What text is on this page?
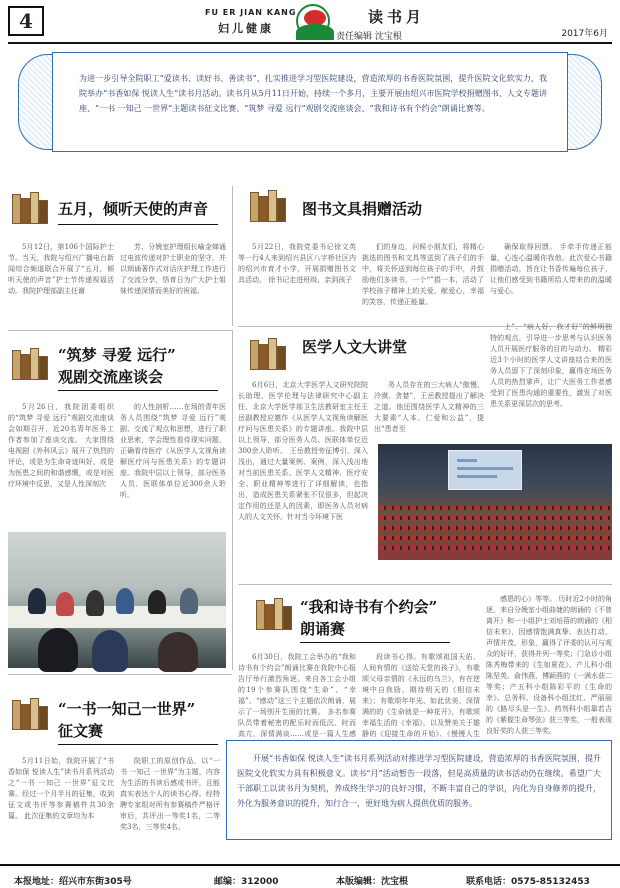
4	FU ER JIAN KANG
妇儿健康
读书月
责任编辑 沈宝根	2017年6月
为进一步引导全院职工“爱读书、读好书、善读书”，扎实推进学习型医院建设，营造浓厚的书香医院氛围，提升医院文化软实力，我院举办“书香如保 悦读人生”读书月活动。读书月从5月11日开始，持续一个多月，主要开展由绍兴市医院学校捐赠图书、人文专题讲座、“一书 一知己 一世界”主题读书征文比赛、“筑梦 寻爱 远行”观剧交流座谈会、“我和诗书有个约会”朗诵比赛等。
五月，倾听天使的声音

5月12日，第106个国际护士节。当天，我院与绍兴广播电台新闻综合频道联合开展了“五月，倾听天使的声音”护士节传递视福活动。我院护理部副主任谢

芳、分娩室护理组长喻金娣通过电波传递对护士职业的坚守，并以朗诵著作式对话庆护理工作进行了交流分享，悟育日为广大护士姐妹传递深情而美好的祝福。

图书文具捐赠活动

5月22日，我院党委书记徐文英等一行4人来到绍兴县区八字桥社区内的绍兴市育才小学，开展捐赠图书文具活动。 徐书记走进班级，亲到孩子

们的身边，问候小朋友们，将精心挑选的图书和文具等送到了孩子们的手中，将关怀送到每位孩子的手中，并鼓励他们多读书，一个“”捐一本，活动了学校孩子精神上的关爱，献爱心，幸福的笑容，传递正能量。

确保取得回馈。 手牵手传递正能量，心连心温暖你我他。此次爱心书籍捐赠活动，旨在让书香传遍每位孩子，让他们感受到书籍所给人带来的的温暖与爱心。

“筑梦 寻爱 远行”
观剧交流座谈会

5月26日，我院团委组织的“筑梦 寻爱 远行”观剧交流座谈会如期召开，近20名青年医务工作者参加了座谈交流。 大家围绕电视剧《外科风云》展开了热烈的评论，或是为生命奇迹叫好，或是为医患之间的和谐感慨，或是对医疗环境中反思，又是人性深刻次

的人性剖析……在场的青年医务人员围绕“筑梦 寻爱 远行”观剧、交流了观点和思想，进行了职业思索，学会理性看待现实问题，正确看待医疗《从医学人文视角读解医疗问与医患关系》的专题讲座。我院中层以上领导，部分医务人员、医联体单位近300余人聆听。

医学人文大讲堂

6月6日，北京大学医学人文研究院院长助理、医学伦理与法律研究中心副主任、北京大学医学部卫生法教研室主任王岳副教授应邀作《从医学人文视角读解医疗问与医患关系》的专题讲座。我院中层以上领导，部分医务人员、医联体单位近300余人聆听。 王岳教授旁征博引、深入浅出，通过大量案例、案例，深入浅出地对当前医患关系、医学人文精神、医疗安全、职业精神等进行了详细解读，也指出，造成医患关系紧张不仅很多，但起决定作用的还是人的因素，即医务人员对病人的人文关怀。针对当今环境下医

务人员存在的三大病人“傲慢、冷漠、贪婪”，王岳教授提出了解决之道。他还围绕医学人文精神的三大要素“人本、仁爱和公益”，提出“患者至

上”、“病人好，我才好”的鲜明独特的观点，引导进一步思考与认识医务人员开展医疗服务的目的与动力。 精彩近3个小时的医学人文讲座结合来的医务人员留下了深刻印象，赢得在场医务人员的热烈掌声，让广大医务工作者感受到了医患沟通的重要性，激发了对医患关系更深层次的思考。

“我和诗书有个约会”
朗诵赛

6月30日，我院工会举办的“我和诗书有个约会”朗诵比赛在我院中心报告厅举行激烈角逐。来自各工会小组的19个参赛队围绕“生命”、“幸福”、“感动”这三个主题依次朗诵，展示了一场别开生面的比赛。 多名参赛队员带着秘密的配乐时而低沉、时而高亢，深情满谈……或是一篇人生感

段读书心得。有歌颂祖国天佑、人间有情的《送给天堂的孩子》，有歌颂父母亲情的《永远的乌兰》，有在逆境中自我励、期待明天的《相信未来》；有歌颂年年光、如此优美、深情满的的《生命就是一种花开》，有歌颂幸福生活的《幸福》，以及赞美关于雄静的《迎接生命的开始》、《慢慢人生

感恩的心》等等。 历时近2小时的角逐，来自分娩室小组曲婕的朗诵的《不曾离开》和一小组护士刘培蓓的朗诵的《相信未来》，因感情饱满真挚、表达打动，声情并茂、形象，赢得了评委的认可与观众的好评，获得并列一等奖；门急诊小组陈秀梅带来的《生如夏花》、产儿科小组陈坚英、俞伟燕、傅颖燕的《一满水获二等奖；产五科小组陈彩平的《生命的幸》、总务科、设备科小组沈红、严丽丽的《路尽头是一生》、药剂科小组靠若吉的《紫握生命琴弦》获三等奖，一般表现良好奖的人获三等奖。

“一书一知己一世界”
征文赛

5月11日始，我院开展了“书香如保 悦读人生”读书月系列活动之“一书 一知己 一世界”征文比赛。经过一个月半月的征集，收到征文或书评等参赛稿件共30余篇。 此次征集的文章均为本

院职工的原创作品，以“一书 一知己 一世界”为主题，内容为生活的书读后感或书评，且能真实表达个人的读书心得。经特聘专家组对所有参赛稿件严格评审后，共评出一等奖1名，二等奖3名，三等奖4名。

开展“书香如保 悦读人生”读书月系列活动对推进学习型医院建设，营造浓厚的书香医院氛围，提升医院文化软实力具有积极意义。读书“月”活动暂告一段落，但是高质量的读书活动仍在继续。希望广大干部职工以读书月为契机，养成终生学习的良好习惯，不断丰富自己的学识，内化为自身修养的提升，外化为服务意识的提升，知行合一，更好地为病人提供优质的服务。

本报地址：绍兴市东街305号	邮编：312000	本版编辑：沈宝根	联系电话：0575-85132453
